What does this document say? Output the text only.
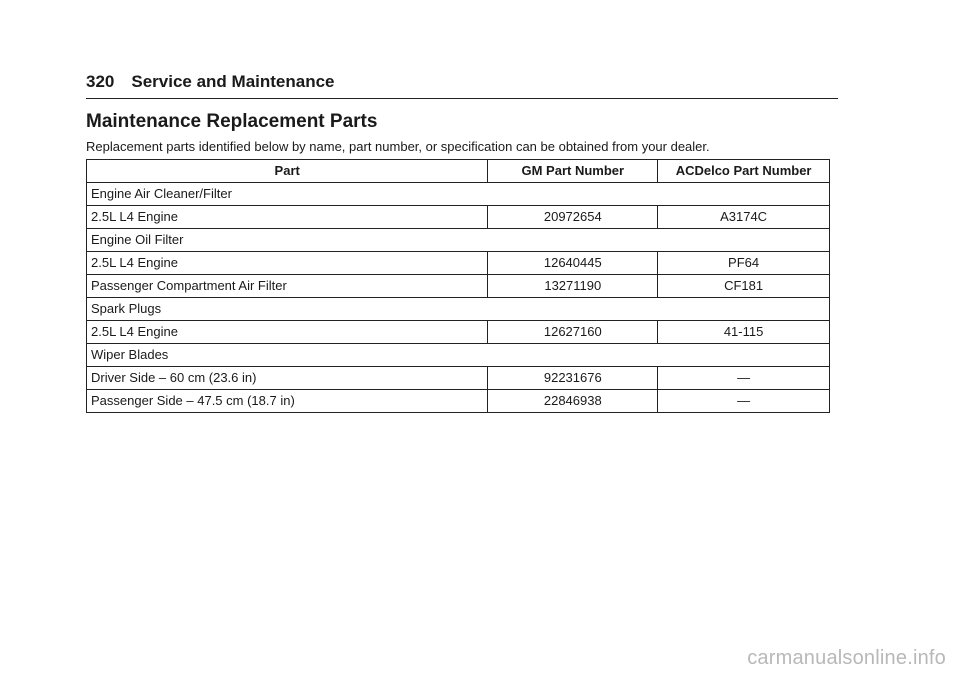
320 Service and Maintenance
Maintenance Replacement Parts

Replacement parts identified below by name, part number, or specification can be obtained from your dealer.

Part	GM Part Number	ACDelco Part Number
Engine Air Cleaner/Filter		
2.5L L4 Engine	20972654	A3174C
Engine Oil Filter		
2.5L L4 Engine	12640445	PF64
Passenger Compartment Air Filter	13271190	CF181
Spark Plugs		
2.5L L4 Engine	12627160	41-115
Wiper Blades		
Driver Side – 60 cm (23.6 in)	92231676	—
Passenger Side – 47.5 cm (18.7 in)	22846938	—
carmanualsonline.info
